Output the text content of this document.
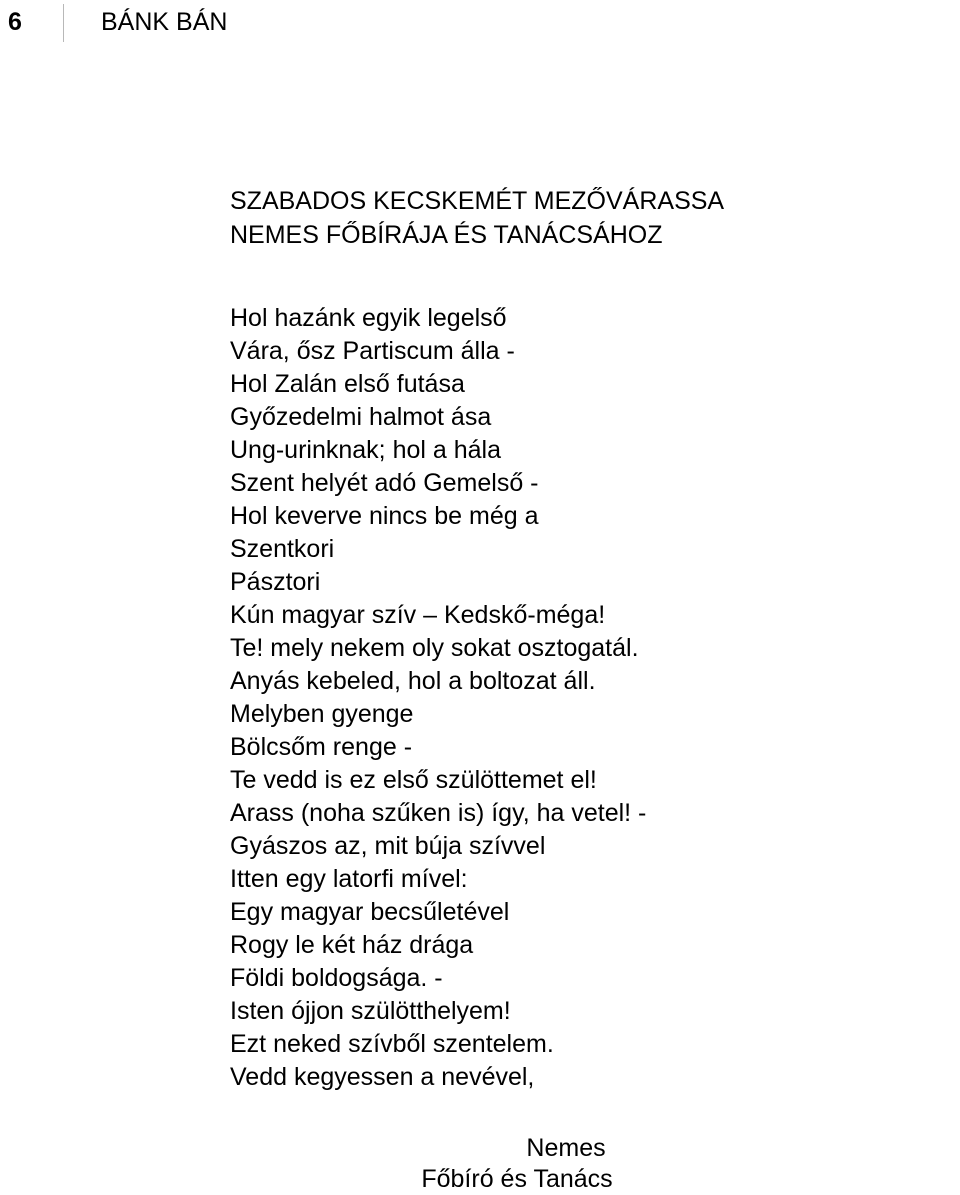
6	BÁNK BÁN
SZABADOS KECSKEMÉT MEZŐVÁRASSA
NEMES FŐBÍRÁJA ÉS TANÁCSÁHOZ
Hol hazánk egyik legelső
Vára, ősz Partiscum álla -
Hol Zalán első futása
Győzedelmi halmot ása
Ung-urinknak; hol a hála
Szent helyét adó Gemelső -
Hol keverve nincs be még a
Szentkori
Pásztori
Kún magyar szív – Kedskő-méga!
Te! mely nekem oly sokat osztogatál.
Anyás kebeled, hol a boltozat áll.
Melyben gyenge
Bölcsőm renge -
Te vedd is ez első szülöttemet el!
Arass (noha szűken is) így, ha vetel! -
Gyászos az, mit búja szívvel
Itten egy latorfi mível:
Egy magyar becsűletével
Rogy le két ház drága
Földi boldogsága. -
Isten ójjon szülötthelyem!
Ezt neked szívből szentelem.
Vedd kegyessen a nevével,
Nemes
Főbíró és Tanács
